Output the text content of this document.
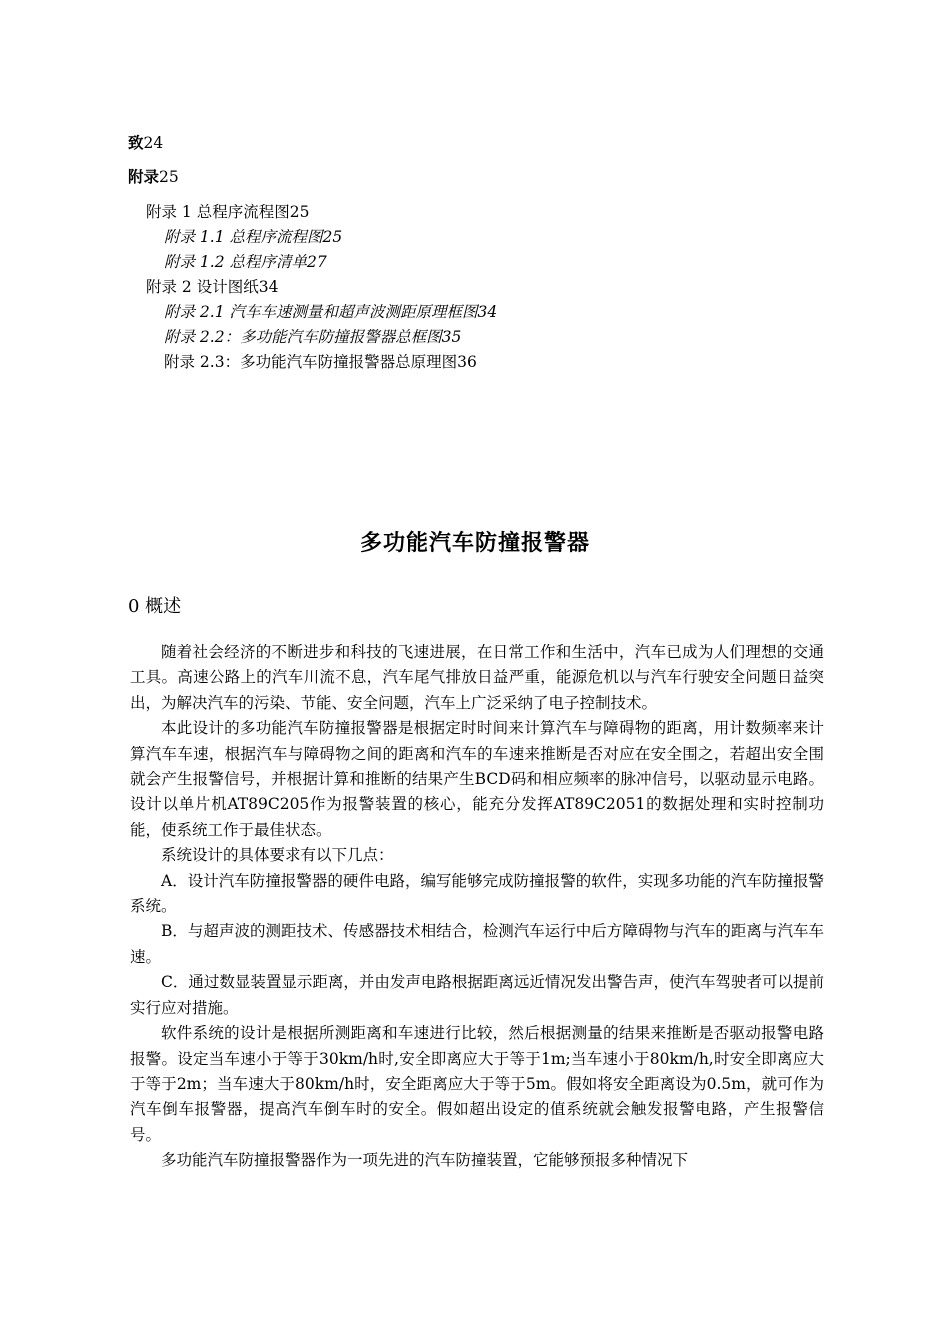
致24
附录25
附录 1 总程序流程图25
附录 1.1 总程序流程图25
附录 1.2 总程序清单27
附录 2 设计图纸34
附录 2.1 汽车车速测量和超声波测距原理框图34
附录 2.2：多功能汽车防撞报警器总框图35
附录 2.3：多功能汽车防撞报警器总原理图36
多功能汽车防撞报警器
0 概述

随着社会经济的不断进步和科技的飞速进展，在日常工作和生活中，汽车已成为人们理想的交通工具。高速公路上的汽车川流不息，汽车尾气排放日益严重，能源危机以与汽车行驶安全问题日益突出，为解决汽车的污染、节能、安全问题，汽车上广泛采纳了电子控制技术。

本此设计的多功能汽车防撞报警器是根据定时时间来计算汽车与障碍物的距离，用计数频率来计算汽车车速，根据汽车与障碍物之间的距离和汽车的车速来推断是否对应在安全围之，若超出安全围就会产生报警信号，并根据计算和推断的结果产生BCD码和相应频率的脉冲信号，以驱动显示电路。设计以单片机AT89C205作为报警装置的核心，能充分发挥AT89C2051的数据处理和实时控制功能，使系统工作于最佳状态。

系统设计的具体要求有以下几点：

A．设计汽车防撞报警器的硬件电路，编写能够完成防撞报警的软件，实现多功能的汽车防撞报警系统。

B．与超声波的测距技术、传感器技术相结合，检测汽车运行中后方障碍物与汽车的距离与汽车车速。

C．通过数显装置显示距离，并由发声电路根据距离远近情况发出警告声，使汽车驾驶者可以提前实行应对措施。

软件系统的设计是根据所测距离和车速进行比较，然后根据测量的结果来推断是否驱动报警电路报警。设定当车速小于等于30km/h时,安全即离应大于等于1m;当车速小于80km/h,时安全即离应大于等于2m；当车速大于80km/h时，安全距离应大于等于5m。假如将安全距离设为0.5m，就可作为汽车倒车报警器，提高汽车倒车时的安全。假如超出设定的值系统就会触发报警电路，产生报警信号。

多功能汽车防撞报警器作为一项先进的汽车防撞装置，它能够预报多种情况下
